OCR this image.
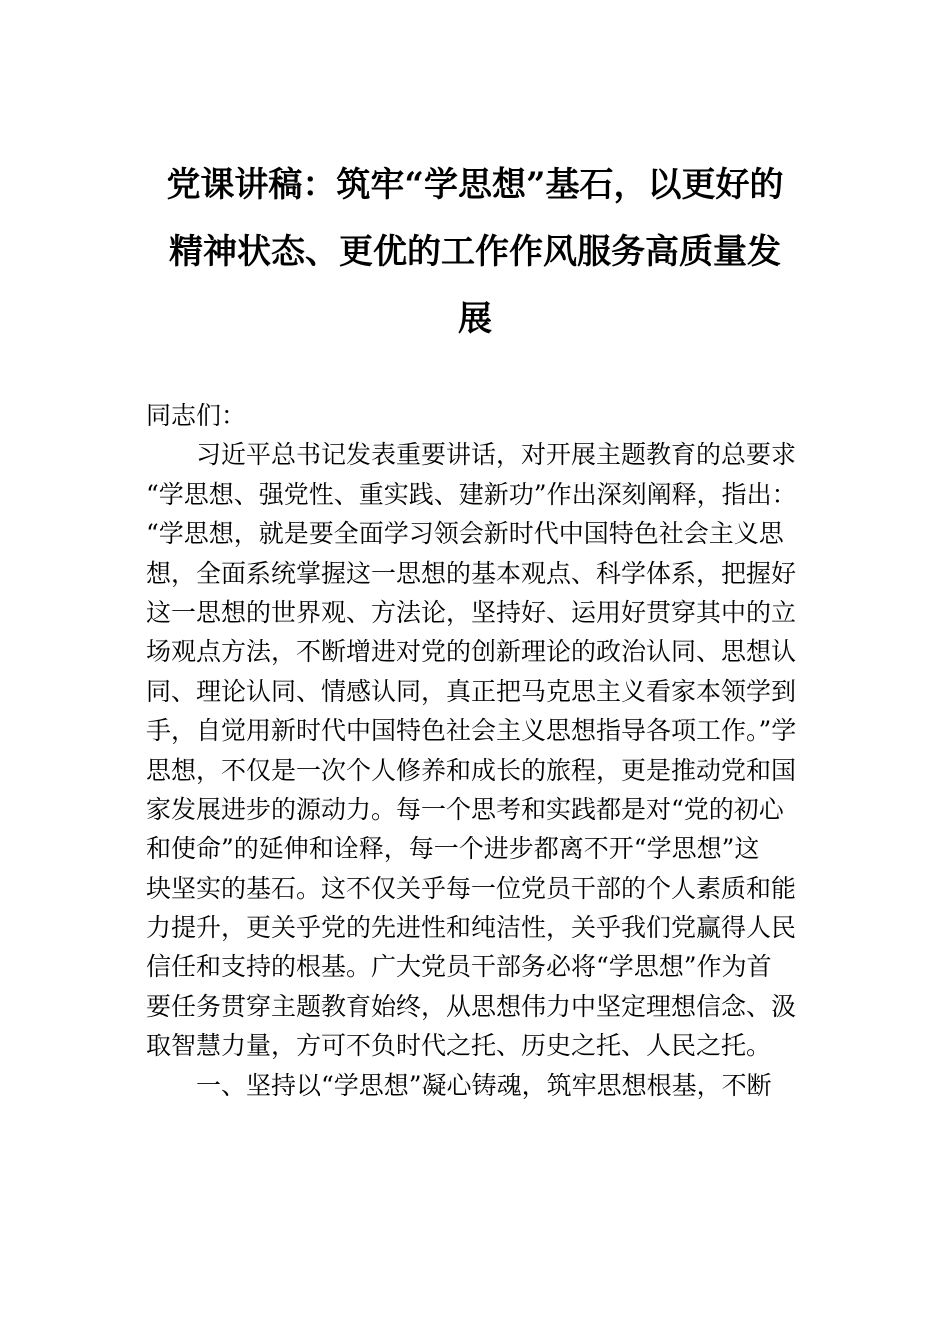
党课讲稿：筑牢“学思想”基石，以更好的
精神状态、更优的工作作风服务高质量发
展
同志们：
习近平总书记发表重要讲话，对开展主题教育的总要求
“学思想、强党性、重实践、建新功”作出深刻阐释，指出：
“学思想，就是要全面学习领会新时代中国特色社会主义思
想，全面系统掌握这一思想的基本观点、科学体系，把握好
这一思想的世界观、方法论，坚持好、运用好贯穿其中的立
场观点方法，不断增进对党的创新理论的政治认同、思想认
同、理论认同、情感认同，真正把马克思主义看家本领学到
手，自觉用新时代中国特色社会主义思想指导各项工作。”学
思想，不仅是一次个人修养和成长的旅程，更是推动党和国
家发展进步的源动力。每一个思考和实践都是对“党的初心
和使命”的延伸和诠释，每一个进步都离不开“学思想”这
块坚实的基石。这不仅关乎每一位党员干部的个人素质和能
力提升，更关乎党的先进性和纯洁性，关乎我们党赢得人民
信任和支持的根基。广大党员干部务必将“学思想”作为首
要任务贯穿主题教育始终，从思想伟力中坚定理想信念、汲
取智慧力量，方可不负时代之托、历史之托、人民之托。
一、坚持以“学思想”凝心铸魂，筑牢思想根基，不断
